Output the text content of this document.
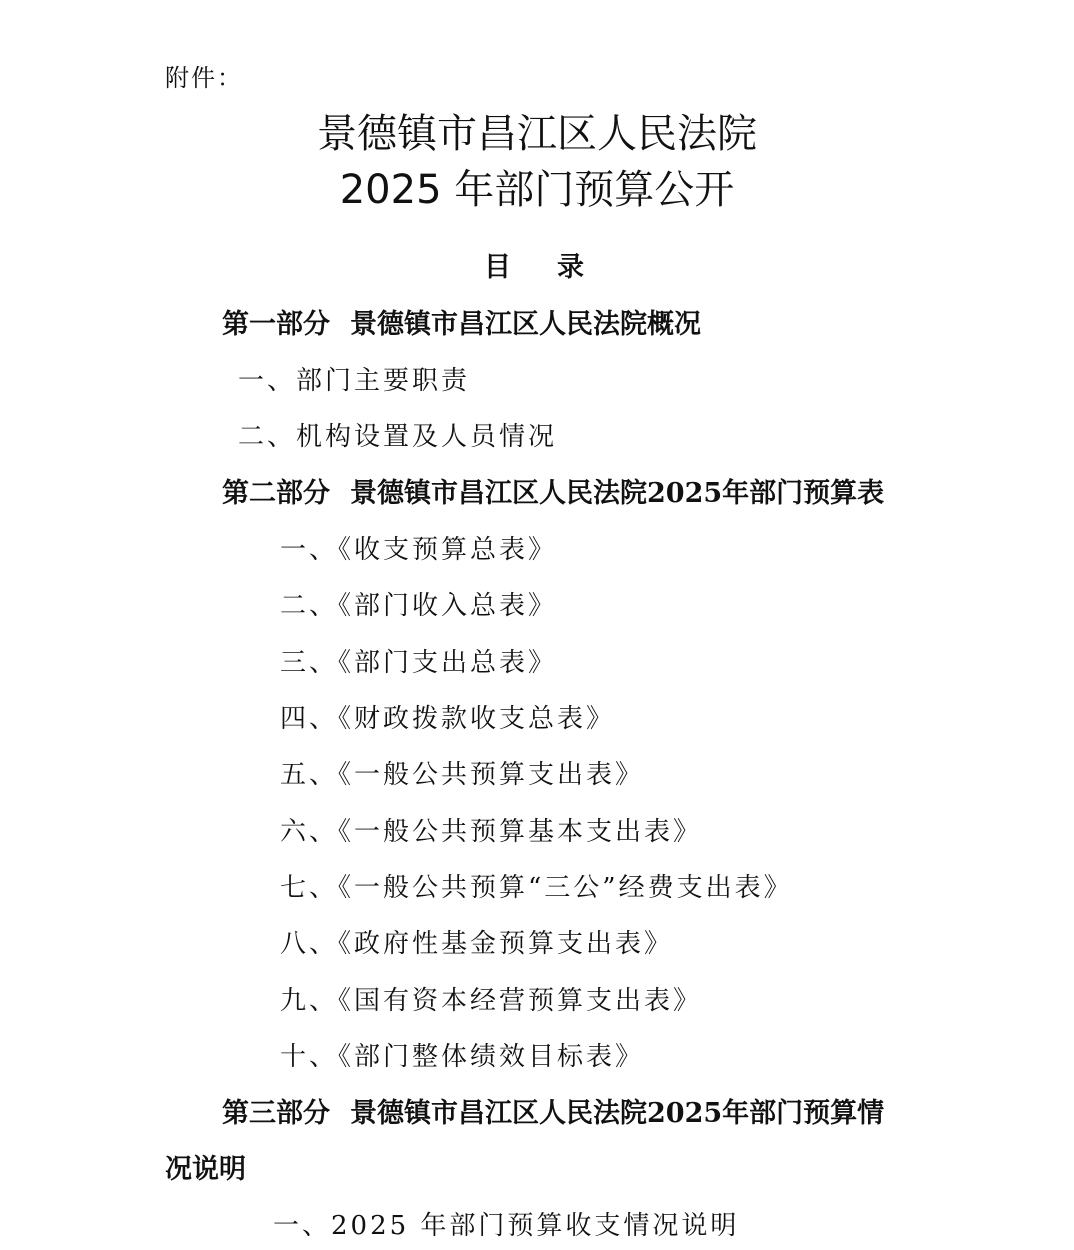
附件：
景德镇市昌江区人民法院
2025 年部门预算公开
目 录
第一部分 景德镇市昌江区人民法院概况
一、部门主要职责
二、机构设置及人员情况
第二部分 景德镇市昌江区人民法院2025年部门预算表
一、《收支预算总表》
二、《部门收入总表》
三、《部门支出总表》
四、《财政拨款收支总表》
五、《一般公共预算支出表》
六、《一般公共预算基本支出表》
七、《一般公共预算“三公”经费支出表》
八、《政府性基金预算支出表》
九、《国有资本经营预算支出表》
十、《部门整体绩效目标表》
第三部分 景德镇市昌江区人民法院2025年部门预算情
况说明
一、2025 年部门预算收支情况说明
